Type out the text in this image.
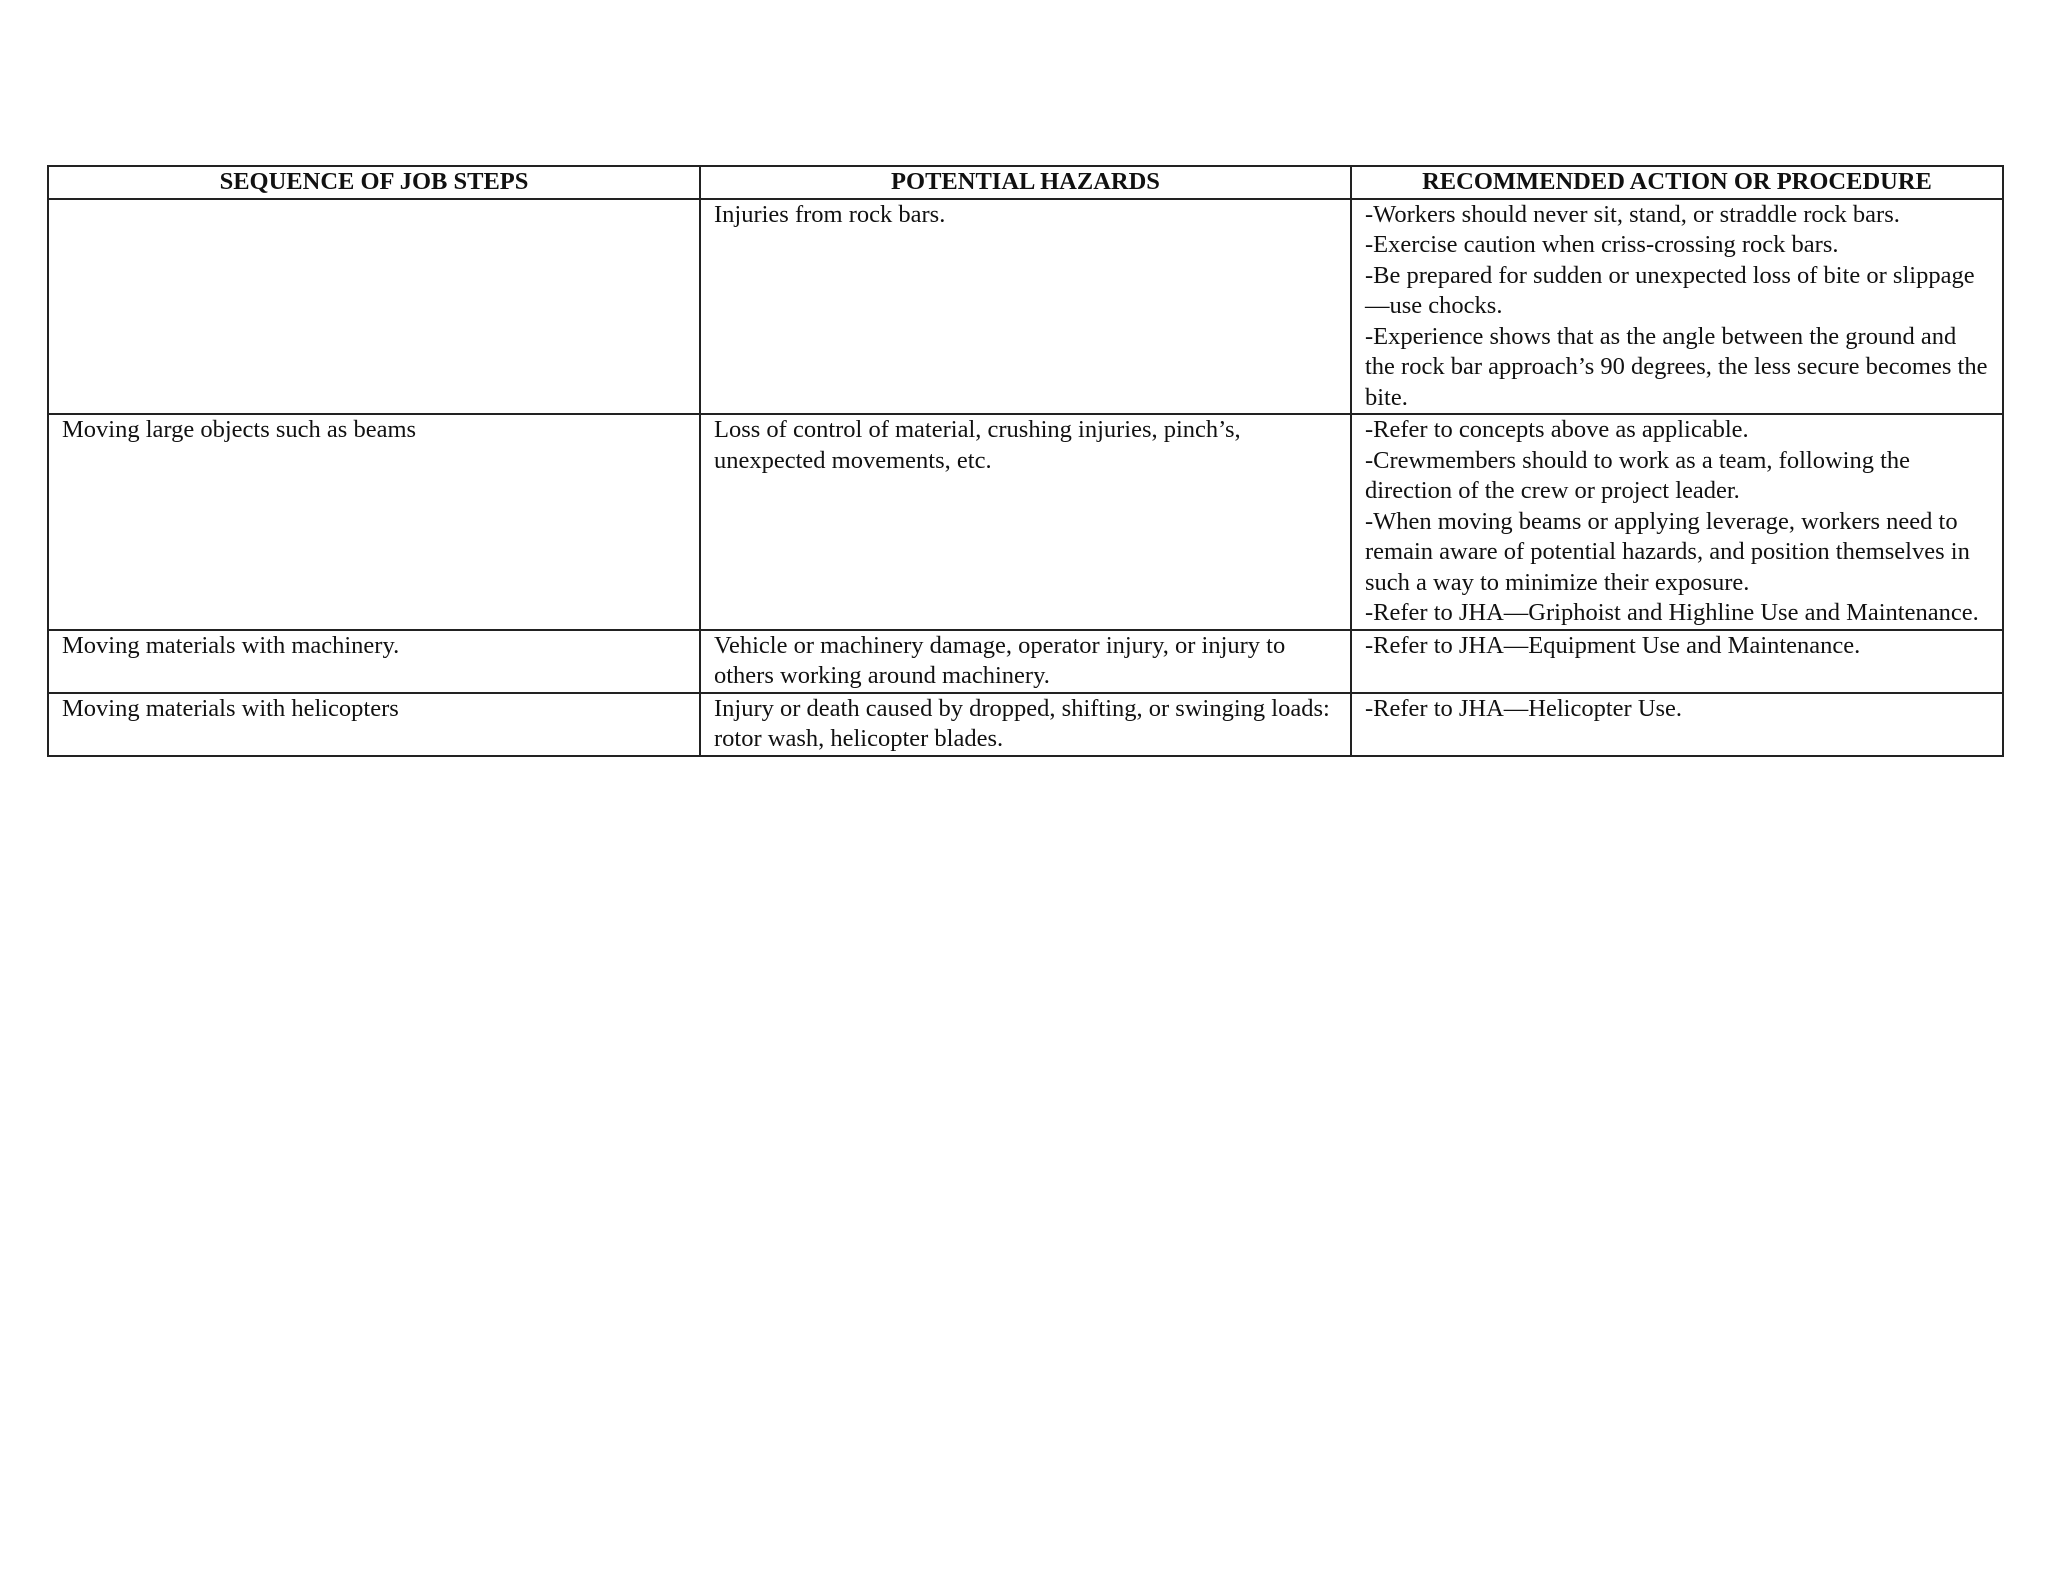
SEQUENCE OF JOB STEPS	POTENTIAL HAZARDS	RECOMMENDED ACTION OR PROCEDURE
	Injuries from rock bars.	-Workers should never sit, stand, or straddle rock bars.
-Exercise caution when criss-crossing rock bars.
-Be prepared for sudden or unexpected loss of bite or slippage—use chocks.
-Experience shows that as the angle between the ground and the rock bar approach’s 90 degrees, the less secure becomes the bite.

Moving large objects such as beams	Loss of control of material, crushing injuries, pinch’s, unexpected movements, etc.	-Refer to concepts above as applicable.
-Crewmembers should to work as a team, following the direction of the crew or project leader.
-When moving beams or applying leverage, workers need to remain aware of potential hazards, and position themselves in such a way to minimize their exposure.
-Refer to JHA—Griphoist and Highline Use and Maintenance.

Moving materials with machinery.	Vehicle or machinery damage, operator injury, or injury to others working around machinery.	-Refer to JHA—Equipment Use and Maintenance.

Moving materials with helicopters	Injury or death caused by dropped, shifting, or swinging loads: rotor wash, helicopter blades.	-Refer to JHA—Helicopter Use.
